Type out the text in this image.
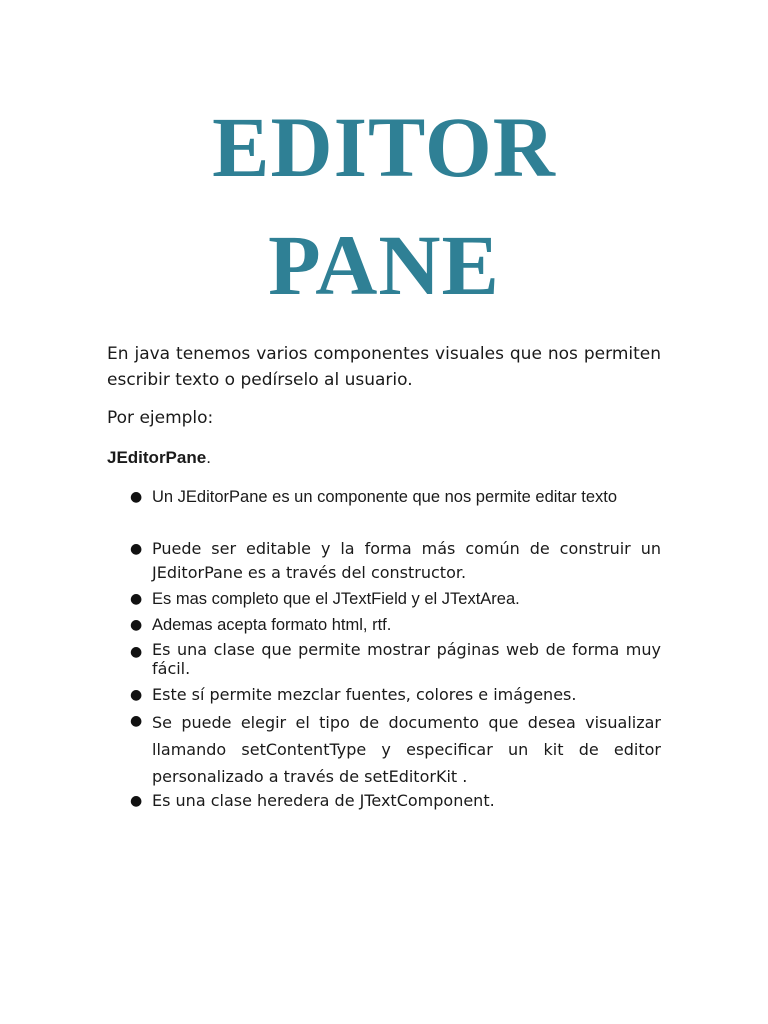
EDITOR
PANE

En java tenemos varios componentes visuales que nos permiten escribir texto o pedírselo al usuario.

Por ejemplo:

JEditorPane.

● Un JEditorPane es un componente que nos permite editar texto
● Puede ser editable y la forma más común de construir un JEditorPane es a través del constructor.
● Es mas completo que el JTextField y el JTextArea.
● Ademas acepta formato html, rtf.
● Es una clase que permite mostrar páginas web de forma muy fácil.
● Este sí permite mezclar fuentes, colores e imágenes.
● Se puede elegir el tipo de documento que desea visualizar llamando setContentType y especificar un kit de editor personalizado a través de setEditorKit .
● Es una clase heredera de JTextComponent.
